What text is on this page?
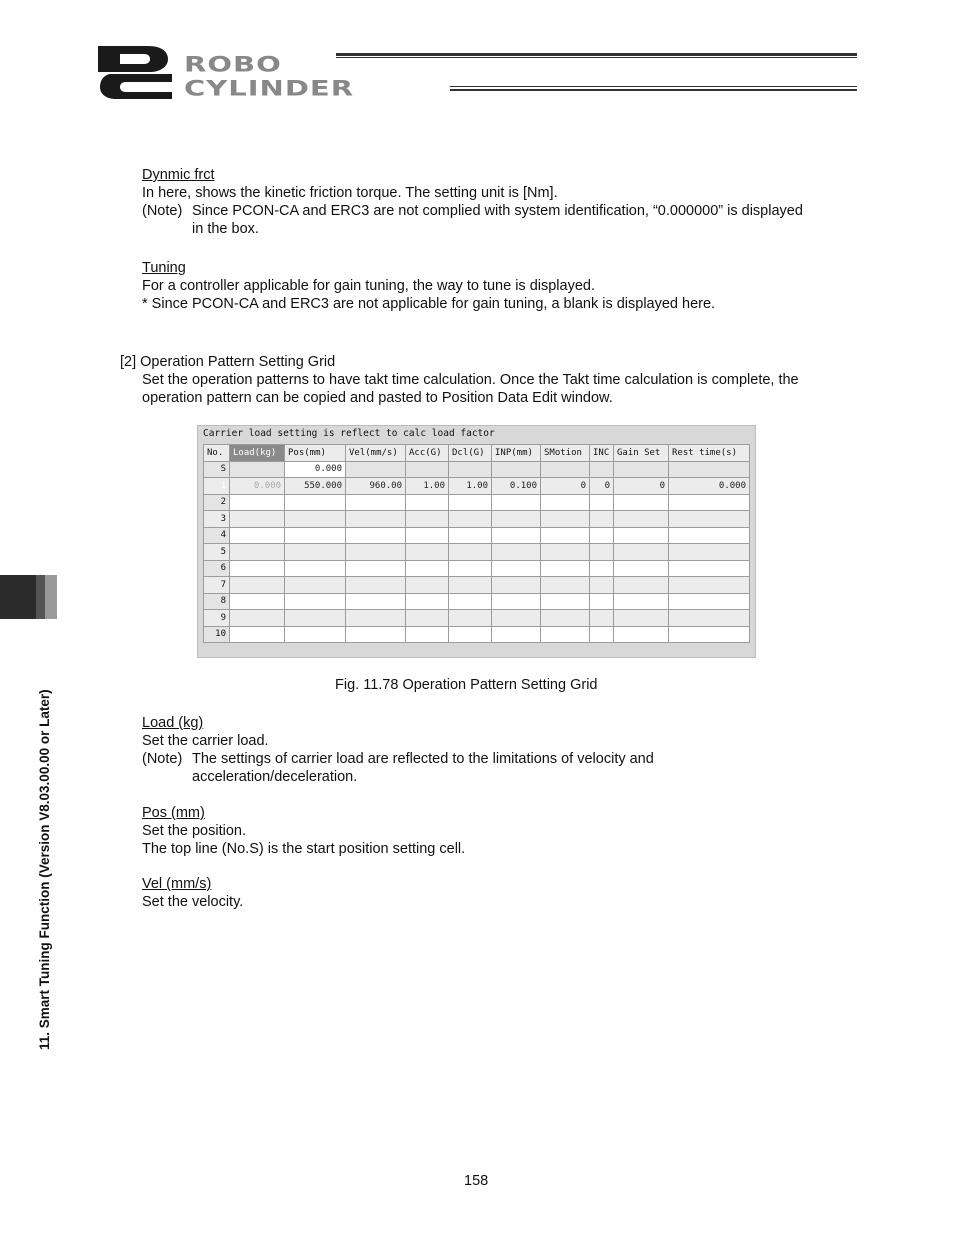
ROBO
CYLINDER
Dynmic frct
In here, shows the kinetic friction torque. The setting unit is [Nm].
(Note) Since PCON-CA and ERC3 are not complied with system identification, “0.000000” is displayed
in the box.
Tuning
For a controller applicable for gain tuning, the way to tune is displayed.
* Since PCON-CA and ERC3 are not applicable for gain tuning, a blank is displayed here.
[2] Operation Pattern Setting Grid
Set the operation patterns to have takt time calculation. Once the Takt time calculation is complete, the
operation pattern can be copied and pasted to Position Data Edit window.
Carrier load setting is reflect to calc load factor
No.	Load(kg)	Pos(mm)	Vel(mm/s)	Acc(G)	Dcl(G)	INP(mm)	SMotion	INC	Gain Set	Rest time(s)
S		0.000								
1	0.000	550.000	960.00	1.00	1.00	0.100	0	0	0	0.000
2										
3										
4										
5										
6										
7										
8										
9										
10										
Fig. 11.78 Operation Pattern Setting Grid
Load (kg)
Set the carrier load.
(Note) The settings of carrier load are reflected to the limitations of velocity and
acceleration/deceleration.
Pos (mm)
Set the position.
The top line (No.S) is the start position setting cell.
Vel (mm/s)
Set the velocity.
11. Smart Tuning Function (Version V8.03.00.00 or Later)
158
